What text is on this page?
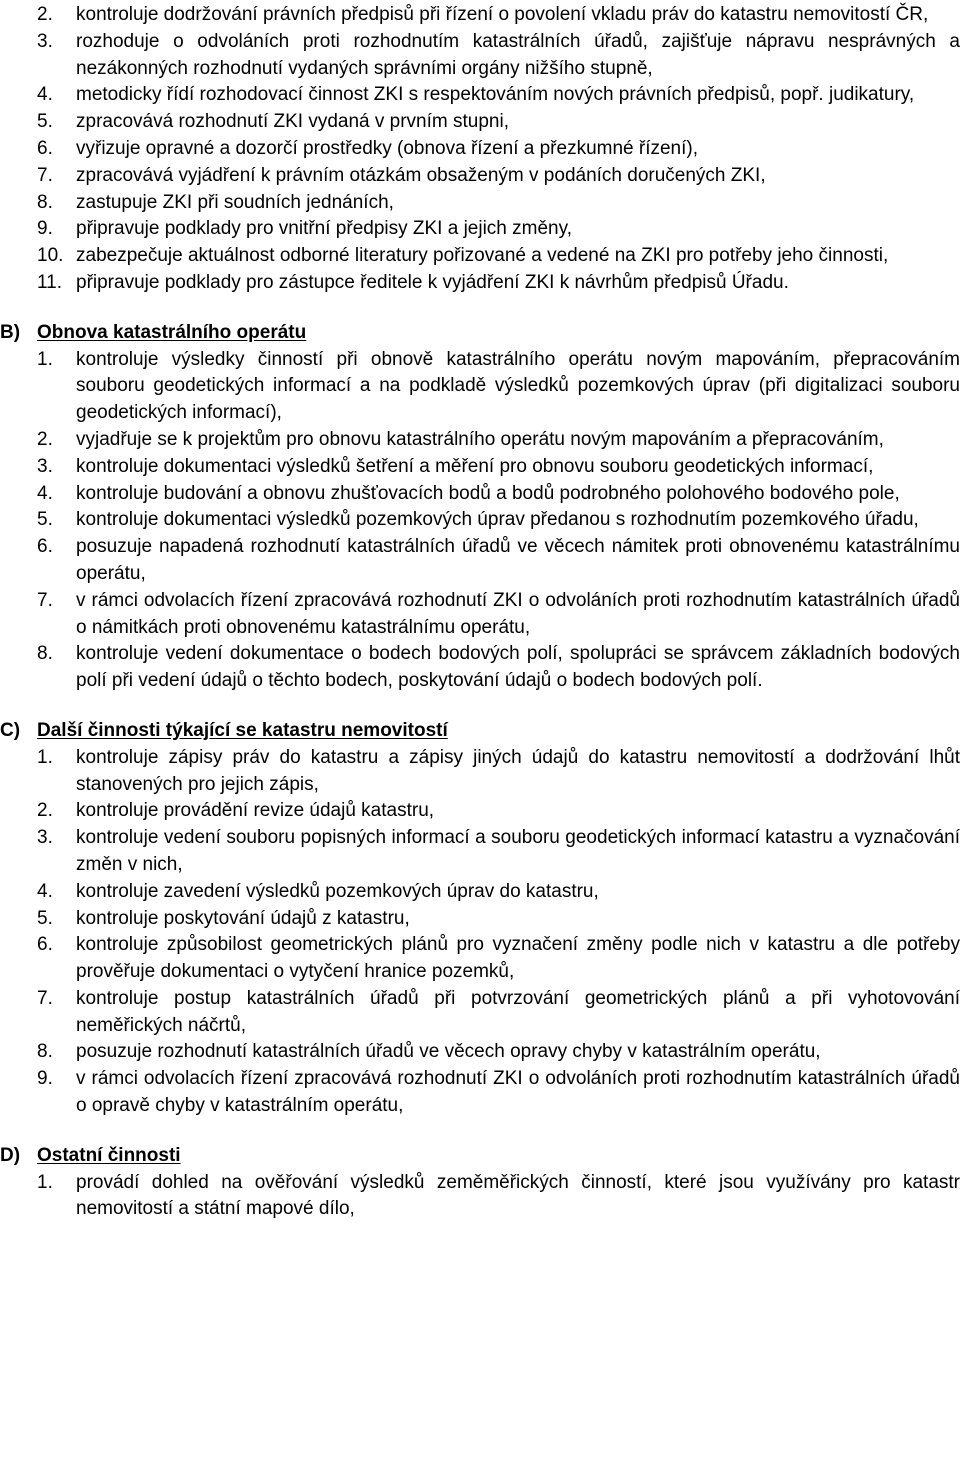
2. kontroluje dodržování právních předpisů při řízení o povolení vkladu práv do katastru nemovitostí ČR,
3. rozhoduje o odvoláních proti rozhodnutím katastrálních úřadů, zajišťuje nápravu nesprávných a nezákonných rozhodnutí vydaných správními orgány nižšího stupně,
4. metodicky řídí rozhodovací činnost ZKI s respektováním nových právních předpisů, popř. judikatury,
5. zpracovává rozhodnutí ZKI vydaná v prvním stupni,
6. vyřizuje opravné a dozorčí prostředky (obnova řízení a přezkumné řízení),
7. zpracovává vyjádření k právním otázkám obsaženým v podáních doručených ZKI,
8. zastupuje ZKI při soudních jednáních,
9. připravuje podklady pro vnitřní předpisy ZKI a jejich změny,
10. zabezpečuje aktuálnost odborné literatury pořizované a vedené na ZKI pro potřeby jeho činnosti,
11. připravuje podklady pro zástupce ředitele k vyjádření ZKI k návrhům předpisů Úřadu.
B) Obnova katastrálního operátu
1. kontroluje výsledky činností při obnově katastrálního operátu novým mapováním, přepracováním souboru geodetických informací a na podkladě výsledků pozemkových úprav (při digitalizaci souboru geodetických informací),
2. vyjadřuje se k projektům pro obnovu katastrálního operátu novým mapováním a přepracováním,
3. kontroluje dokumentaci výsledků šetření a měření pro obnovu souboru geodetických informací,
4. kontroluje budování a obnovu zhušťovacích bodů a bodů podrobného polohového bodového pole,
5. kontroluje dokumentaci výsledků pozemkových úprav předanou s rozhodnutím pozemkového úřadu,
6. posuzuje napadená rozhodnutí katastrálních úřadů ve věcech námitek proti obnovenému katastrálnímu operátu,
7. v rámci odvolacích řízení zpracovává rozhodnutí ZKI o odvoláních proti rozhodnutím katastrálních úřadů o námitkách proti obnovenému katastrálnímu operátu,
8. kontroluje vedení dokumentace o bodech bodových polí, spolupráci se správcem základních bodových polí při vedení údajů o těchto bodech, poskytování údajů o bodech bodových polí.
C) Další činnosti týkající se katastru nemovitostí
1. kontroluje zápisy práv do katastru a zápisy jiných údajů do katastru nemovitostí a dodržování lhůt stanovených pro jejich zápis,
2. kontroluje provádění revize údajů katastru,
3. kontroluje vedení souboru popisných informací a souboru geodetických informací katastru a vyznačování změn v nich,
4. kontroluje zavedení výsledků pozemkových úprav do katastru,
5. kontroluje poskytování údajů z katastru,
6. kontroluje způsobilost geometrických plánů pro vyznačení změny podle nich v katastru a dle potřeby prověřuje dokumentaci o vytyčení hranice pozemků,
7. kontroluje postup katastrálních úřadů při potvrzování geometrických plánů a při vyhotovování neměřických náčrtů,
8. posuzuje rozhodnutí katastrálních úřadů ve věcech opravy chyby v katastrálním operátu,
9. v rámci odvolacích řízení zpracovává rozhodnutí ZKI o odvoláních proti rozhodnutím katastrálních úřadů o opravě chyby v katastrálním operátu,
D) Ostatní činnosti
1. provádí dohled na ověřování výsledků zeměměřických činností, které jsou využívány pro katastr nemovitostí a státní mapové dílo,
